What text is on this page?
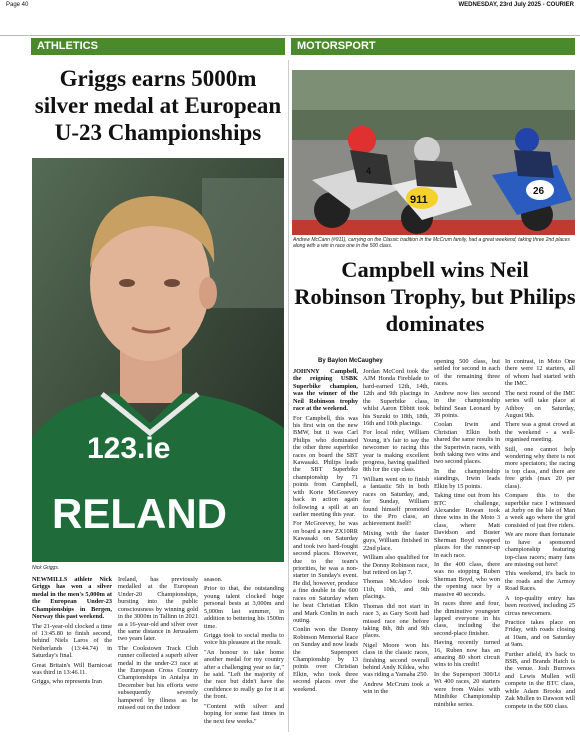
Page 40	WEDNESDAY, 23rd July 2025 - COURIER
ATHLETICS	MOTORSPORT
Griggs earns 5000m silver medal at European U-23 Championships
123.ie
RELAND
Nick Griggs.

NEWMILLS athlete Nick Griggs has won a silver medal in the men's 5,000m at the European Under-23 Championships in Bergen, Norway this past weekend.

The 21-year-old clocked a time of 13:45.80 to finish second, behind Niels Laros of the Netherlands (13:44.74) in Saturday's final.

Great Britain's Will Barnicoat was third in 13:46.11.

Griggs, who represents Iran

Ireland, has previously medalled at the European Under-20 Championships, bursting into the public consciousness by winning gold in the 3000m in Tallinn in 2021 as a 16-year-old and silver over the same distance in Jerusalem two years later.

The Cookstown Track Club runner collected a superb silver medal in the under-23 race at the European Cross Country Championships in Antalya in December but his efforts were subsequently severely hampered by illness as he missed out on the indoor

season.

Prior to that, the outstanding young talent clocked huge personal bests at 3,000m and 5,000m last summer, in addition to bettering his 1500m time.

Griggs took to social media to voice his pleasure at the result.

"An honour to take home another medal for my country after a challenging year so far," he said. "Left the majority of the race but didn't have the confidence to really go for it at the front.

"Content with silver and hoping for some fast times in the next few weeks."

911
26
4
Andrew McCann (#911), carrying on the Classic tradition in the McCrum family, had a great weekend, taking three 2nd places along with a win in race one in the 500 class.
Campbell wins Neil Robinson Trophy, but Philips dominates
By Baylon McCaughey

JOHNNY Campbell, the reigning USBK Superbike champion, was the winner of the Neil Robinson trophy race at the weekend.

For Campbell, this was his first win on the new BMW, but it was Carl Philips who dominated the other three superbike races on board the SBT Kawasaki. Philips leads the SBT Superbike championship by 71 points from Campbell, with Korie McGreevey back in action again following a spill at an earlier meeting this year.

For McGreevey, he was on board a new ZX10RR Kawasaki on Saturday and took two hard-fought second places. However, due to the team's priorities, he was a non-starter in Sunday's event. He did, however, produce a fine double in the 600 races on Saturday when he beat Christian Elkin and Mark Conlin in each outing.

Conlin won the Donny Robinson Memorial Race on Sunday and now leads the Supersport Championship by 13 points over Christian Elkin, who took three second places over the weekend.

Jordan McCord took the AJM Honda Fireblade to hard-earned 12th, 14th, 12th and 9th placings in the Superbike class, whilst Aaron Ebbitt took his Suzuki to 18th, 18th, 16th and 10th placings.

For local rider, William Young, it's fair to say the newcomer to racing this year is making excellent progress, having qualified 8th for the cup class.

William went on to finish a fantastic 5th in both races on Saturday, and, for Sunday, William found himself promoted to the Pro class, an achievement itself!

Mixing with the faster guys, William finished in 22nd place.

William also qualified for the Donny Robinson race, but retired on lap 7.

Thomas McAdoo took 11th, 10th, and 9th placings.

Thomas did not start in race 3, as Gary Scott had missed race one before taking 8th, 8th and 9th places.

Nigel Moore won his class in the classic races, finishing second overall behind Andy Kildea, who was riding a Yamaha 250.

Andrew McCrum took a win in the

opening 500 class, but settled for second in each of the remaining three races.

Andrew now lies second in the championship behind Sean Leonard by 39 points.

Coolan Irwin and Christian Elkin both shared the same results in the Supertwin races, with both taking two wins and two second places.

In the championship standings, Irwin leads Elkin by 15 points.

Taking time out from his BTC challenge, Alexander Rowan took three wins in the Moto 3 class, where Matt Davidson and Buster Sherman Boyd swapped places for the runner-up in each race.

In the 400 class, there was no stopping Ruben Sherman Boyd, who won the opening race by a massive 40 seconds.

In races three and four, the diminutive youngster lapped everyone in his class, including the second-place finisher.

Having recently turned 16, Ruben now has an amazing 80 short circuit wins to his credit!

In the Supersport 300/Lt Wt 400 races, 20 starters were from Wales with Minibike Championship minibike series.

In contrast, in Moto One there were 12 starters, all of whom had started with the IMC.

The next round of the IMC series will take place at Athboy on Saturday, August 9th.

There was a great crowd at the weekend - a well-organised meeting.

Still, one cannot help wondering why there is not more spectators; the racing is top class, and there are free grids (max 20 per class).

Compare this to the superbike race I witnessed at Jurby on the Isle of Man a week ago where the grid consisted of just five riders.

We are more than fortunate to have a sponsored championship featuring top-class racers; many fans are missing out here!

This weekend, it's back to the roads and the Armoy Road Races.

A top-quality entry has been received, including 25 circus newcomers.

Practice takes place on Friday, with roads closing at 10am, and on Saturday at 9am.

Further afield, it's back to BSB, and Brands Hatch is the venue. Josh Burrows and Lewis Mullen will compete in the BTC class, while Adam Brooks and Zak Mullen to Dawson will compete in the 600 class.
